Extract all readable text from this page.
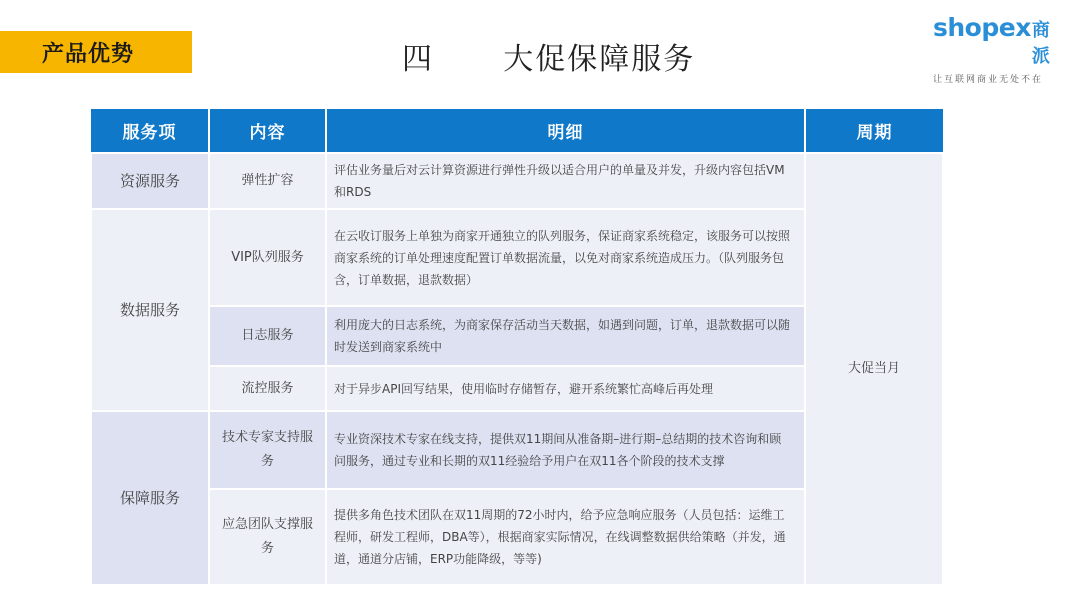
产品优势	四      大促保障服务
shopex 商派
让互联网商业无处不在
服务项	内容	明细	周期
资源服务	弹性扩容	评估业务量后对云计算资源进行弹性升级以适合用户的单量及并发，升级内容包括VM和RDS	大促当月
数据服务	VIP队列服务	在云收订服务上单独为商家开通独立的队列服务，保证商家系统稳定，该服务可以按照商家系统的订单处理速度配置订单数据流量，以免对商家系统造成压力。（队列服务包含，订单数据，退款数据）	
	日志服务	利用庞大的日志系统，为商家保存活动当天数据，如遇到问题，订单，退款数据可以随时发送到商家系统中	
	流控服务	对于异步API回写结果，使用临时存储暂存，避开系统繁忙高峰后再处理	
保障服务	技术专家支持服务	专业资深技术专家在线支持，提供双11期间从准备期–进行期–总结期的技术咨询和顾问服务，通过专业和长期的双11经验给予用户在双11各个阶段的技术支撑	
	应急团队支撑服务	提供多角色技术团队在双11周期的72小时内，给予应急响应服务（人员包括：运维工程师，研发工程师，DBA等），根据商家实际情况，在线调整数据供给策略（并发，通道，通道分店铺，ERP功能降级，等等)	
